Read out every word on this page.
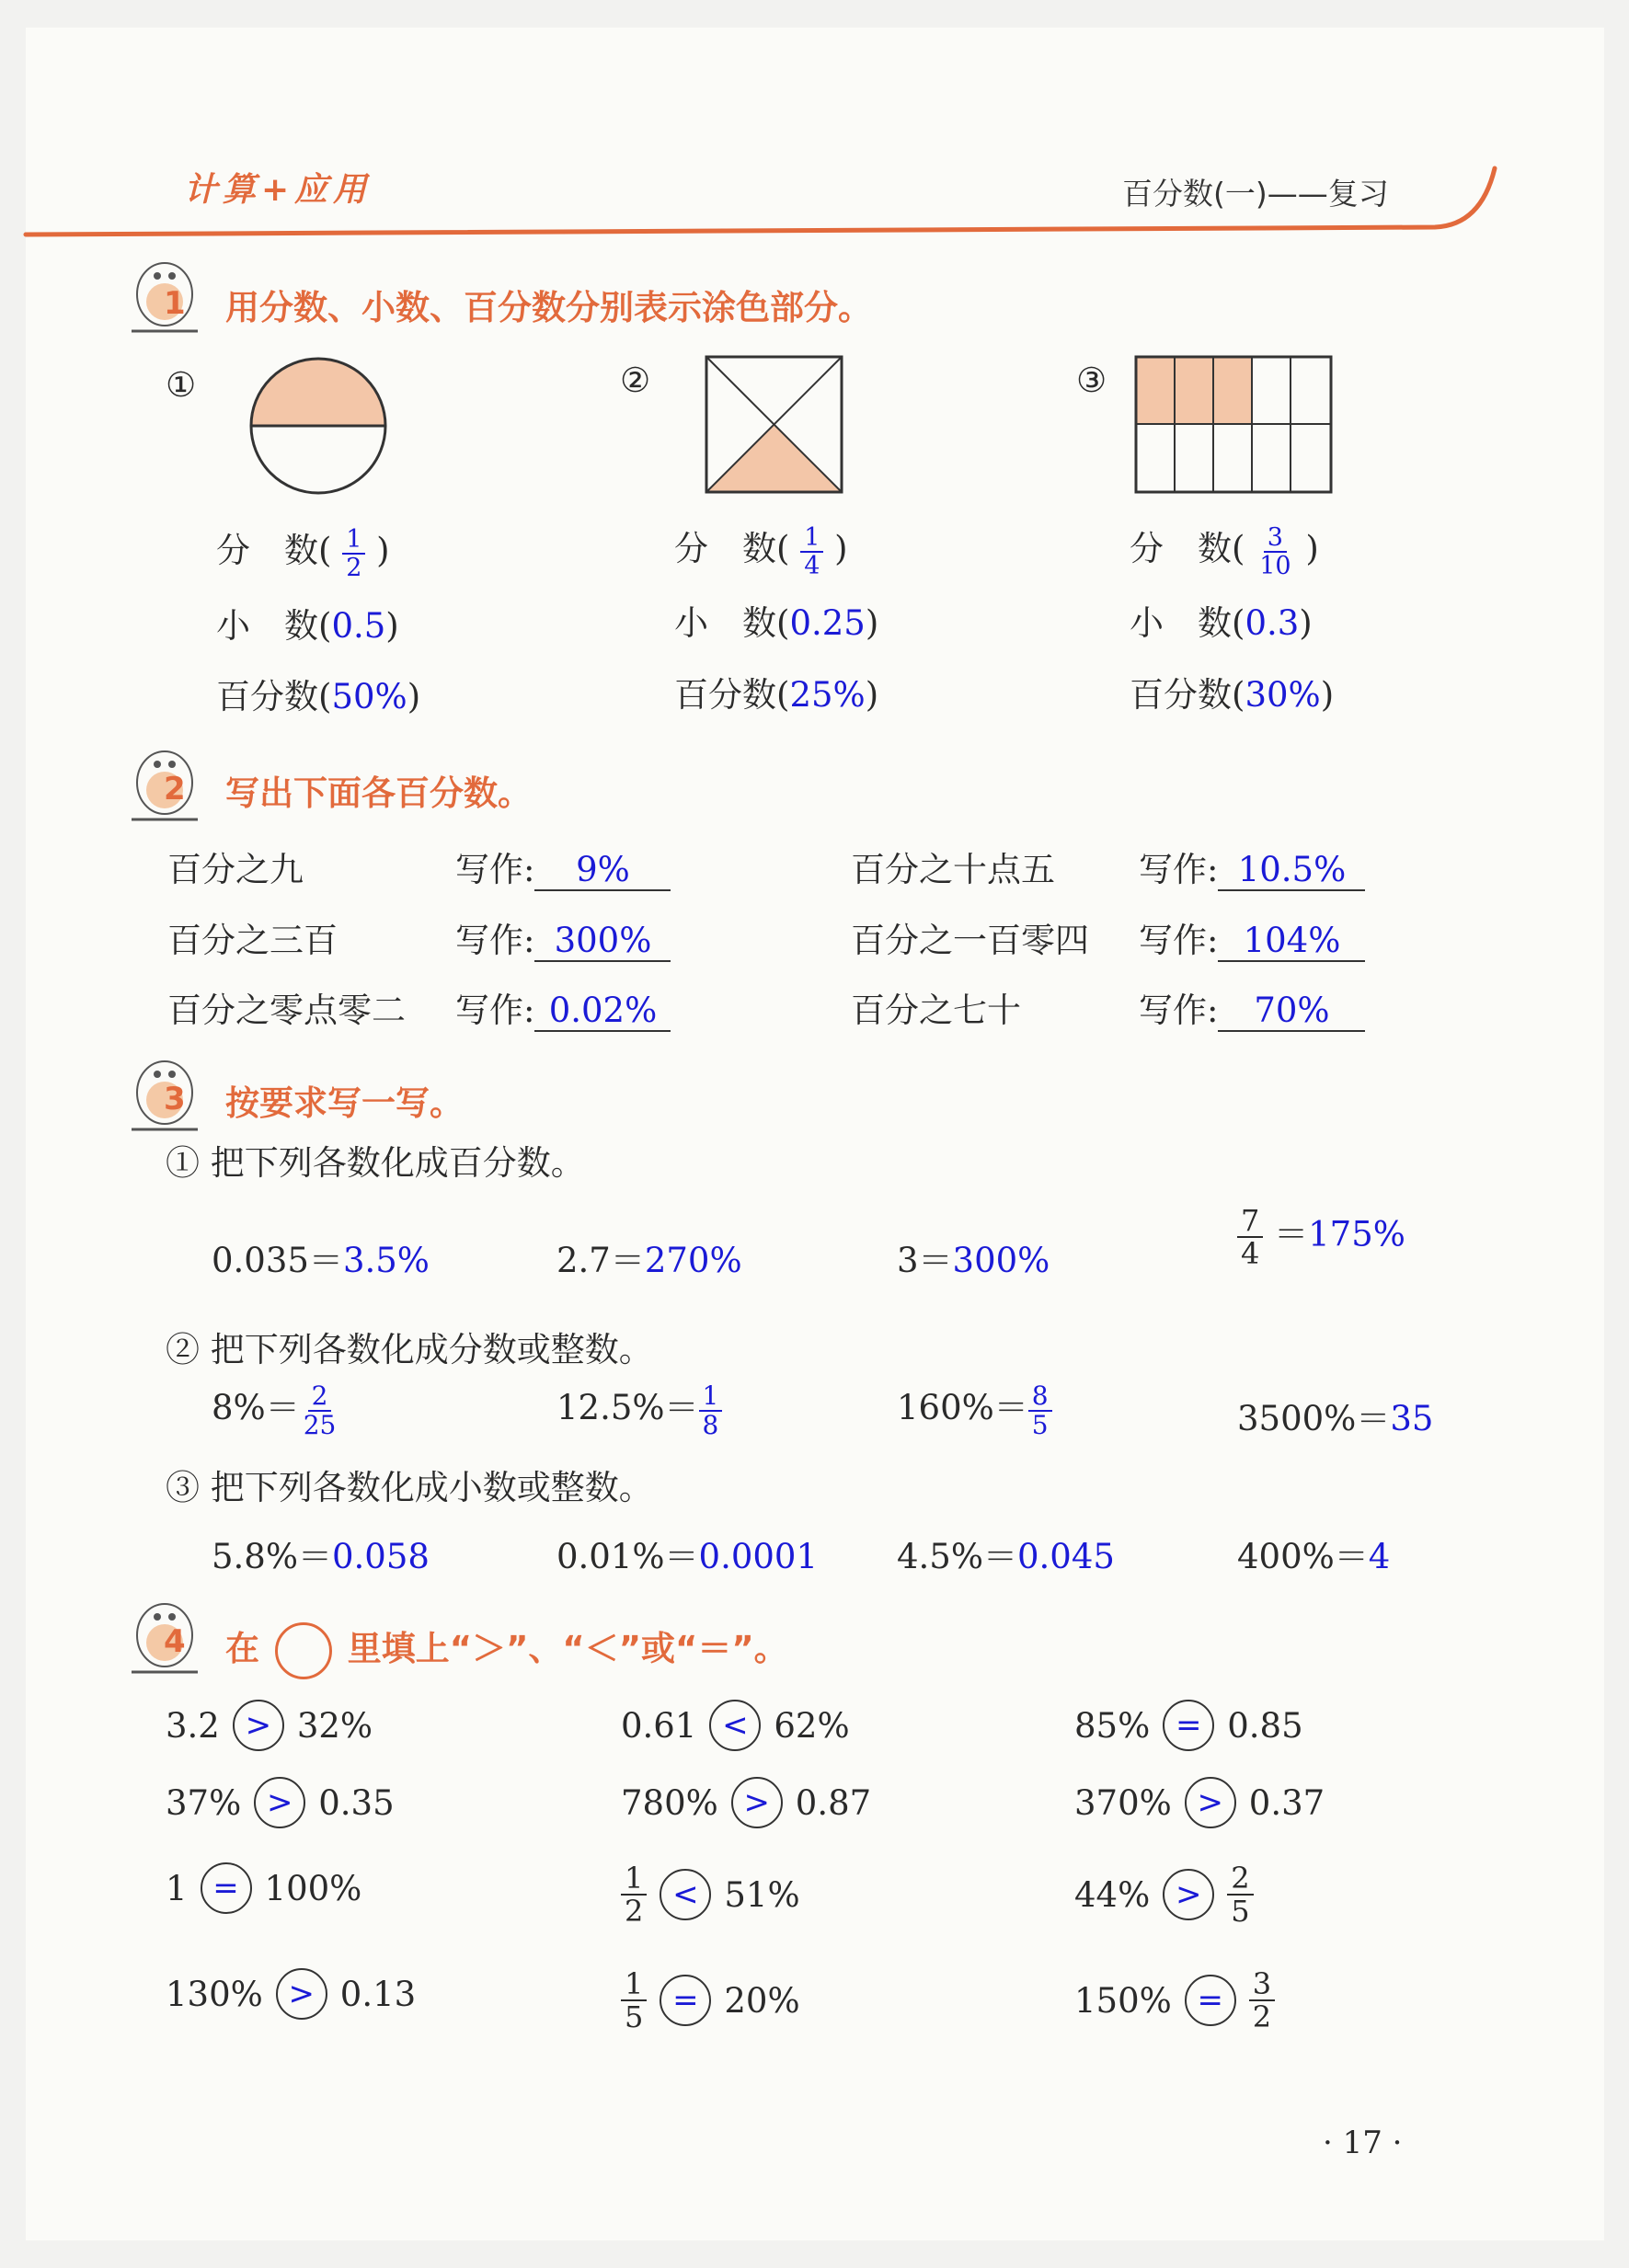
计算+应用	百分数(一)——复习
1 用分数、小数、百分数分别表示涂色部分。
①	②	③
分　数( $\frac{1}{2}$ )
小　数(0.5)
百分数(50%)
分　数( $\frac{1}{4}$ )
小　数(0.25)
百分数(25%)
分　数( $\frac{3}{10}$ )
小　数(0.3)
百分数(30%)
2 写出下面各百分数。
百分之九	写作: 9%	百分之十点五 写作: 10.5%
百分之三百	写作: 300%	百分之一百零四 写作: 104%
百分之零点零二 写作: 0.02%	百分之七十	写作: 70%
3 按要求写一写。
① 把下列各数化成百分数。
0.035＝3.5%	2.7＝270%	3＝300%	$\frac{7}{4} =175\%$
② 把下列各数化成分数或整数。
$8\%= \frac{2}{25}$	$12.5\%= \frac{1}{8}$	$160\%= \frac{8}{5}$	3500%＝35
③ 把下列各数化成小数或整数。
5.8%＝0.058	0.01%＝0.0001 4.5%＝0.045	400%＝4
4 在	里填上“＞”、“＜”或“＝”。
3.2 > 32%	0.61 < 62%	85% = 0.85
37% > 0.35	780% > 0.87	370% > 0.37
1 = 100%	$\frac{1}{2} < 51\%$	$44\% > \frac{2}{5}$
130% > 0.13	$\frac{1}{5} = 20\%$	$150\% = \frac{3}{2}$
· 17 ·
